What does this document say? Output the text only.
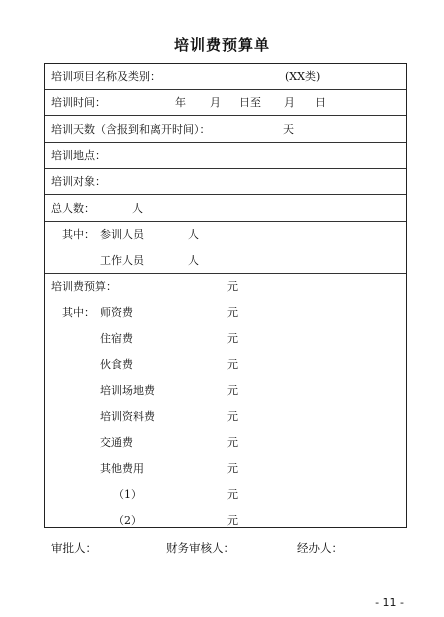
培训费预算单
培训项目名称及类别：	(XX类)
培训时间：	年 月 日至 月 日
培训天数（含报到和离开时间）：	天
培训地点：
培训对象：
总人数：	人
其中： 参训人员	人
工作人员	人
培训费预算：	元
其中： 师资费	元
住宿费	元
伙食费	元
培训场地费	元
培训资料费	元
交通费	元
其他费用	元
（1）	元
（2）	元
审批人：	财务审核人：	经办人：
- 11 -
